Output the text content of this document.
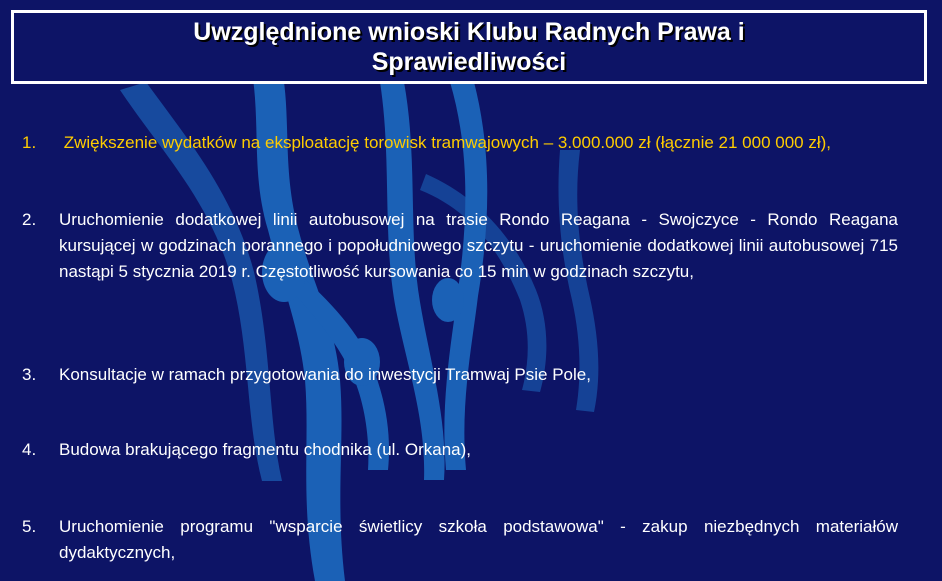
Uwzględnione wnioski Klubu Radnych Prawa i Sprawiedliwości
1.	Zwiększenie wydatków na eksploatację torowisk tramwajowych – 3.000.000 zł (łącznie 21 000 000 zł),
2.	Uruchomienie dodatkowej linii autobusowej na trasie Rondo Reagana - Swojczyce - Rondo Reagana kursującej w godzinach porannego i popołudniowego szczytu - uruchomienie dodatkowej linii autobusowej 715 nastąpi 5 stycznia 2019 r. Częstotliwość kursowania co 15 min w godzinach szczytu,
3.	Konsultacje w ramach przygotowania do inwestycji Tramwaj Psie Pole,
4.	Budowa brakującego fragmentu chodnika (ul. Orkana),
5.	Uruchomienie programu "wsparcie świetlicy szkoła podstawowa" - zakup niezbędnych materiałów dydaktycznych,
